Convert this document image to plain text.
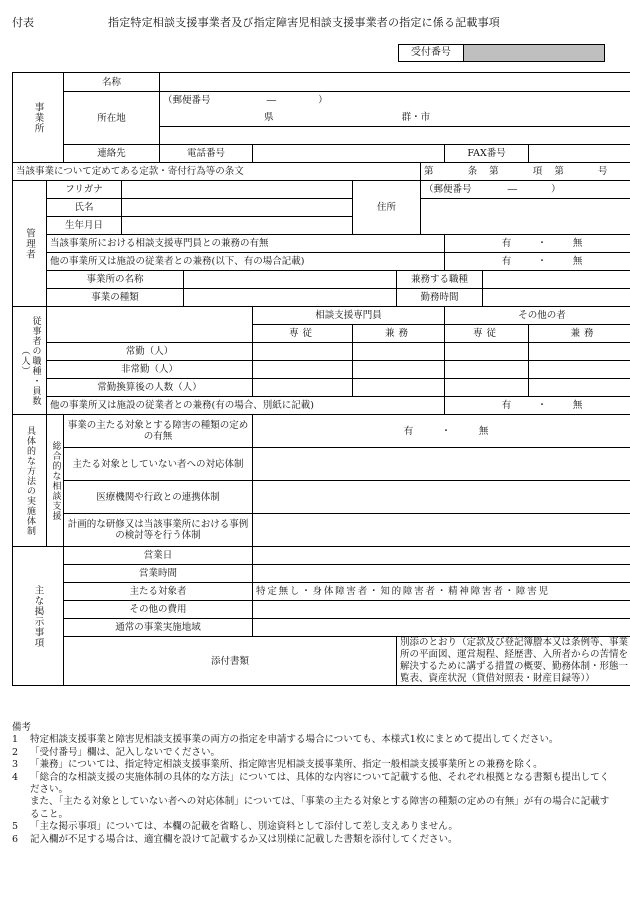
付表	指定特定相談支援事業者及び指定障害児相談支援事業者の指定に係る記載事項
受付番号
事業所		名称										
		所在地		（郵便番号 ― ）								
				県 群・市								

		連絡先		電話番号						FAX番号		
当該事業について定めてある定款・寄付行為等の条文									第 条 第 項 第 号			
管理者	フリガナ						住所		（郵便番号 ― ）			
	氏名											
	生年月日											
	当該事業所における相談支援専門員との兼務の有無									有 ・ 無		
	他の事業所又は施設の従業者との兼務(以下、有の場合記載)									有 ・ 無		
	事業所の名称							兼務する職種				
	事業の種類							勤務時間				
従事者の職種・員数（人）						相談支援専門員				その他の者		
						専従	兼務			専従		兼務
	常勤（人）											
	非常勤（人）											
	常勤換算後の人数（人）											
	他の事業所又は施設の従業者との兼務(有の場合、別紙に記載)									有 ・ 無		
具体的な方法の実施体制	総合的な相談支援	事業の主たる対象とする障害の種類の定めの有無				有 ・ 無						
		主たる対象としていない者への対応体制										
		医療機関や行政との連携体制										
		計画的な研修又は当該事業所における事例の検討等を行う体制										
主な掲示事項		営業日										
		営業時間										
		主たる対象者				特定無し・身体障害者・知的障害者・精神障害者・障害児						
		その他の費用										
		通常の事業実施地域										
		添付書類						別添のとおり（定款及び登記簿謄本又は条例等、事業所の平面図、運営規程、経歴書、入所者からの苦情を解決するために講ずる措置の概要、勤務体制・形態一覧表、資産状況（貸借対照表・財産目録等））				
備考
1	特定相談支援事業と障害児相談支援事業の両方の指定を申請する場合についても、本様式1枚にまとめて提出してください。
2	「受付番号」欄は、記入しないでください。
3	「兼務」については、指定特定相談支援事業所、指定障害児相談支援事業所、指定一般相談支援事業所との兼務を除く。
4	「総合的な相談支援の実施体制の具体的な方法」については、具体的な内容について記載する他、それぞれ根拠となる書類も提出してください。
また、「主たる対象としていない者への対応体制」については、「事業の主たる対象とする障害の種類の定めの有無」が有の場合に記載すること。
5	「主な掲示事項」については、本欄の記載を省略し、別途資料として添付して差し支えありません。
6	記入欄が不足する場合は、適宜欄を設けて記載するか又は別様に記載した書類を添付してください。
